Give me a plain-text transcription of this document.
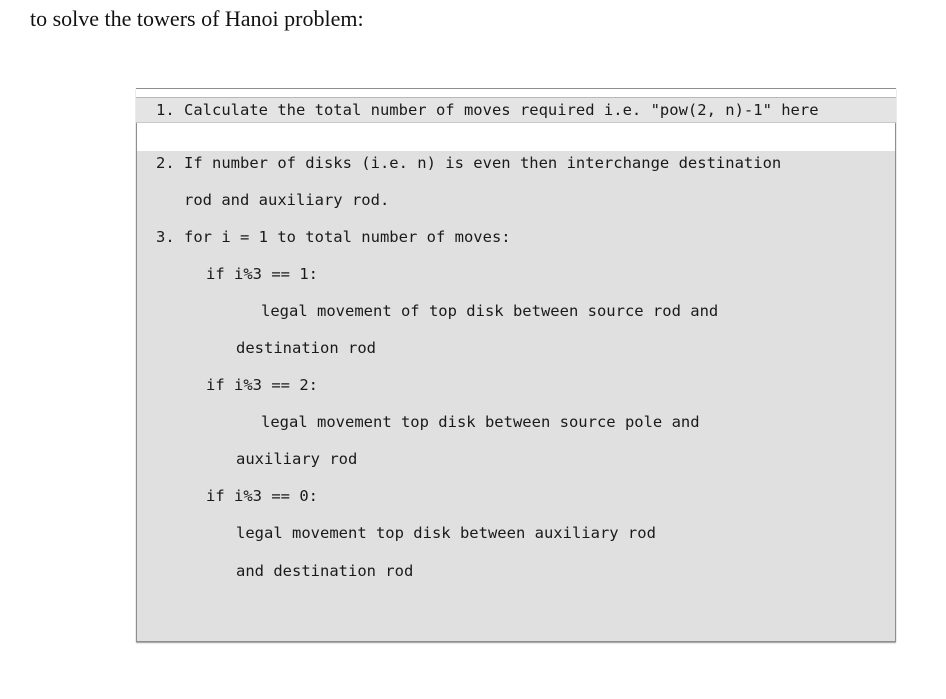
to solve the towers of Hanoi problem:
1. Calculate the total number of moves required i.e. "pow(2, n)-1" here
2. If number of disks (i.e. n) is even then interchange destination
rod and auxiliary rod.
3. for i = 1 to total number of moves:
if i%3 == 1:
legal movement of top disk between source rod and
destination rod
if i%3 == 2:
legal movement top disk between source pole and
auxiliary rod
if i%3 == 0:
legal movement top disk between auxiliary rod
and destination rod
